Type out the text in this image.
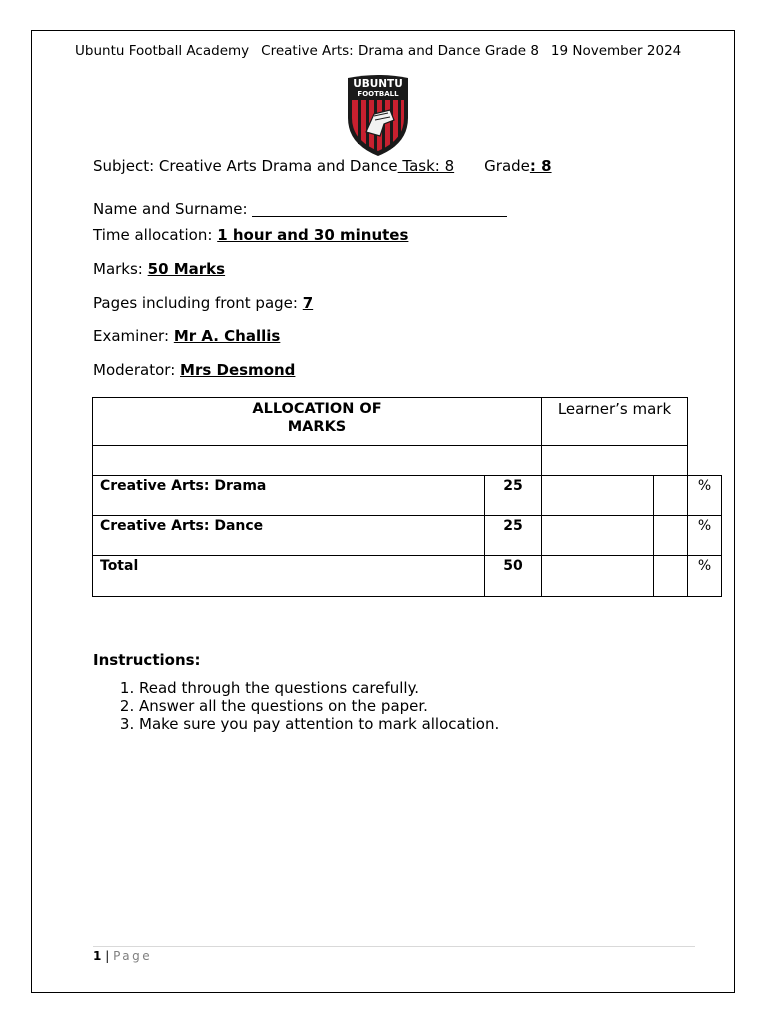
Ubuntu Football Academy Creative Arts: Drama and Dance Grade 8 19 November 2024
UBUNTU
FOOTBALL
Subject: Creative Arts Drama and Dance Task: 8 Grade: 8
Name and Surname:
Time allocation: 1 hour and 30 minutes
Marks: 50 Marks
Pages including front page: 7
Examiner: Mr A. Challis
Moderator: Mrs Desmond
ALLOCATION OF
MARKS		Learner’s mark		

Creative Arts: Drama	25			%
Creative Arts: Dance	25			%
Total	50			%
Instructions:
1. Read through the questions carefully.
2. Answer all the questions on the paper.
3. Make sure you pay attention to mark allocation.
1 | Page
